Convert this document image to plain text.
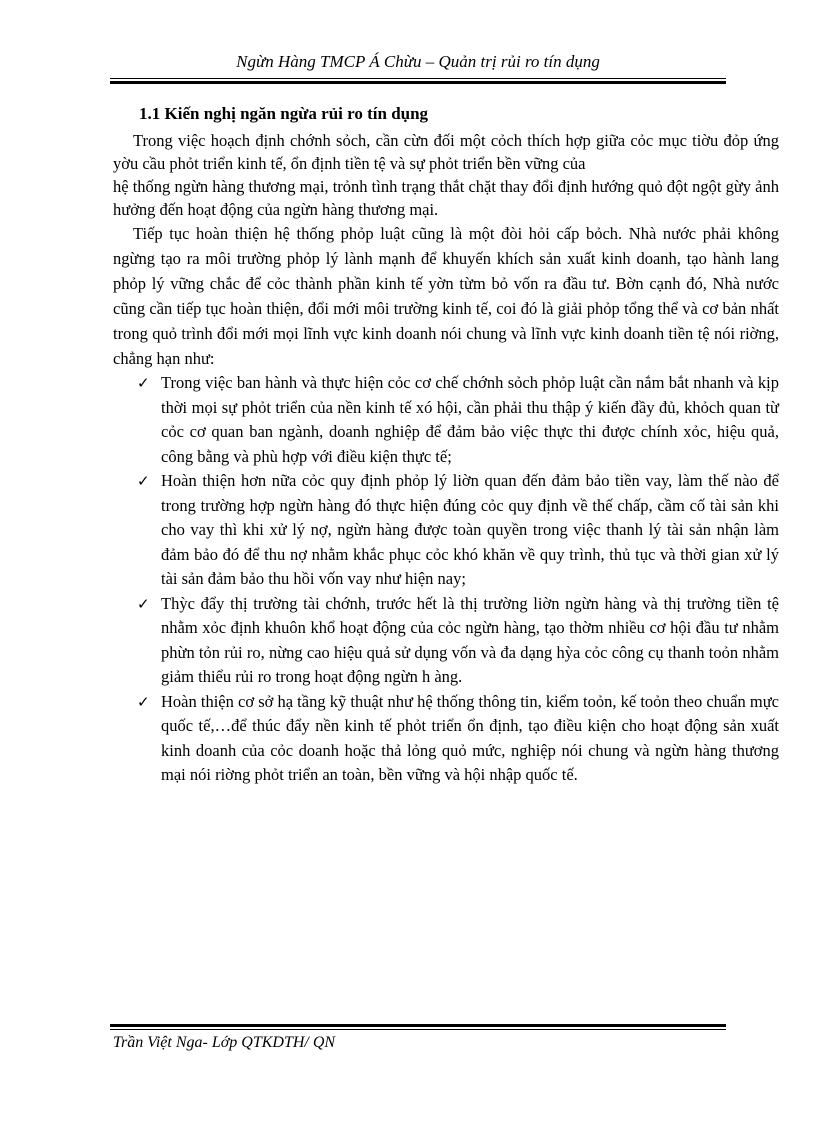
Ngừn Hàng TMCP Á Chừu – Quản trị rủi ro tín dụng
1.1 Kiến nghị ngăn ngừa rủi ro tín dụng

Trong việc hoạch định chớnh sỏch, cần cừn đối một cỏch thích hợp giữa cỏc mục tiờu đỏp ứng yờu cầu phỏt triển kinh tế, ổn định tiền tệ và sự phỏt triển bền vững của

hệ thống ngừn hàng thương mại, trỏnh tình trạng thắt chặt thay đổi định hướng quỏ đột ngột gừy ảnh hưởng đến hoạt động của ngừn hàng thương mại.

Tiếp tục hoàn thiện hệ thống phỏp luật cũng là một đòi hỏi cấp bỏch. Nhà nước phải không ngừng tạo ra môi trường phỏp lý lành mạnh để khuyến khích sản xuất kinh doanh, tạo hành lang phỏp lý vững chắc để cỏc thành phần kinh tế yờn từm bỏ vốn ra đầu tư. Bờn cạnh đó, Nhà nước cũng cần tiếp tục hoàn thiện, đổi mới môi trường kinh tế, coi đó là giải phỏp tổng thể và cơ bản nhất trong quỏ trình đổi mới mọi lĩnh vực kinh doanh nói chung và lĩnh vực kinh doanh tiền tệ nói riờng, chẳng hạn như:

✓ Trong việc ban hành và thực hiện cỏc cơ chế chớnh sỏch phỏp luật cần nắm bắt nhanh và kịp thời mọi sự phỏt triển của nền kinh tế xó hội, cần phải thu thập ý kiến đầy đủ, khỏch quan từ cỏc cơ quan ban ngành, doanh nghiệp để đảm bảo việc thực thi được chính xỏc, hiệu quả, công bằng và phù hợp với điều kiện thực tế;
✓ Hoàn thiện hơn nữa cỏc quy định phỏp lý liờn quan đến đảm bảo tiền vay, làm thế nào để trong trường hợp ngừn hàng đó thực hiện đúng cỏc quy định về thế chấp, cầm cố tài sản khi cho vay thì khi xử lý nợ, ngừn hàng được toàn quyền trong việc thanh lý tài sản nhận làm đảm bảo đó để thu nợ nhằm khắc phục cỏc khó khăn về quy trình, thủ tục và thời gian xử lý tài sản đảm bảo thu hồi vốn vay như hiện nay;
✓ Thỳc đẩy thị trường tài chớnh, trước hết là thị trường liờn ngừn hàng và thị trường tiền tệ nhằm xỏc định khuôn khổ hoạt động của cỏc ngừn hàng, tạo thờm nhiều cơ hội đầu tư nhằm phừn tỏn rủi ro, nừng cao hiệu quả sử dụng vốn và đa dạng hỳa cỏc công cụ thanh toỏn nhằm giảm thiểu rủi ro trong hoạt động ngừn h àng.
✓ Hoàn thiện cơ sở hạ tầng kỹ thuật như hệ thống thông tin, kiểm toỏn, kế toỏn theo chuẩn mực quốc tế,…để thúc đẩy nền kinh tế phỏt triển ổn định, tạo điều kiện cho hoạt động sản xuất kinh doanh của cỏc doanh hoặc thả lỏng quỏ mức, nghiệp nói chung và ngừn hàng thương mại nói riờng phỏt triển an toàn, bền vững và hội nhập quốc tế.
Trần Việt Nga- Lớp QTKDTH/ QN
